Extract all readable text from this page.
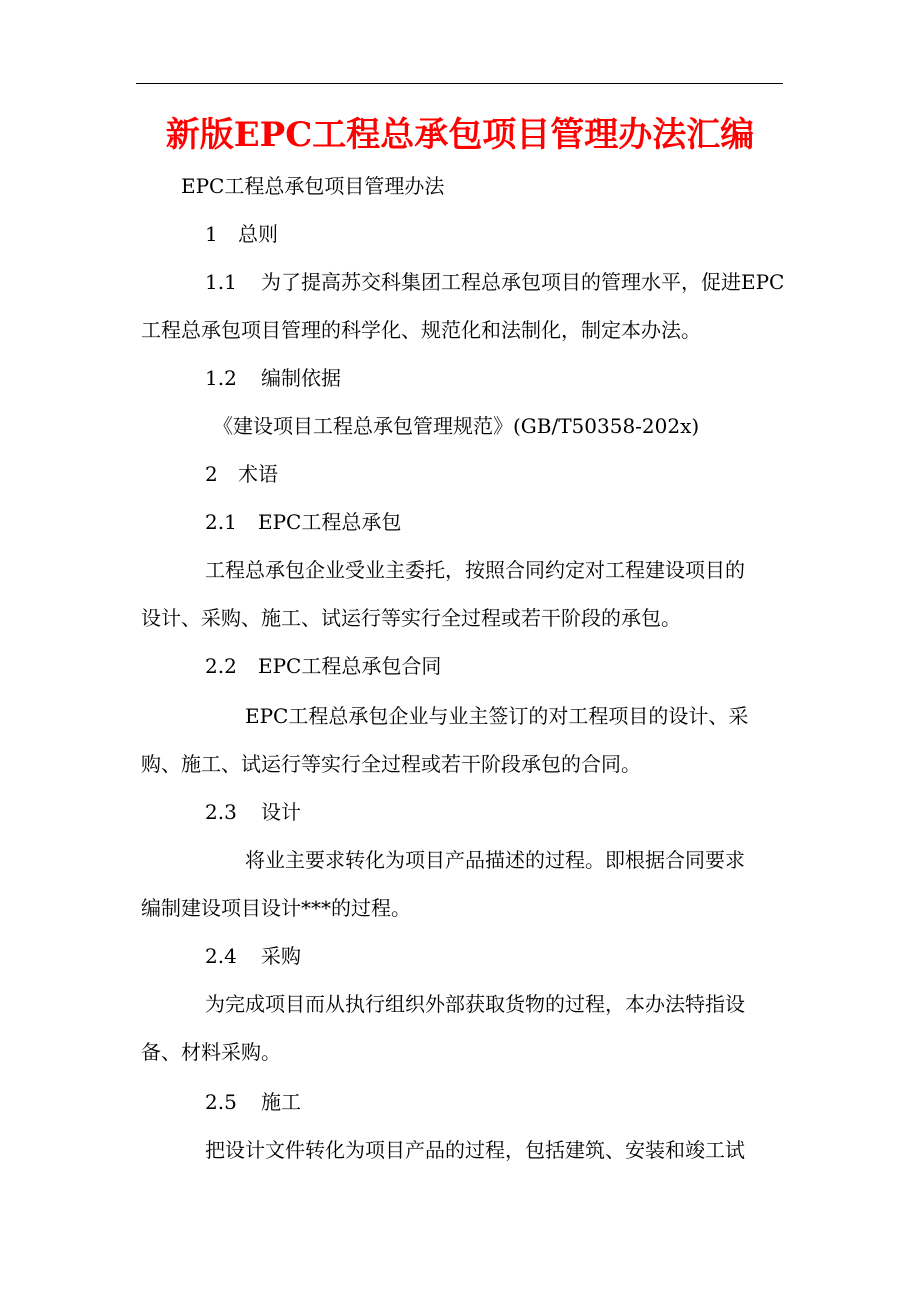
新版EPC工程总承包项目管理办法汇编
EPC工程总承包项目管理办法
1 总则
1.1 为了提高苏交科集团工程总承包项目的管理水平，促进EPC
工程总承包项目管理的科学化、规范化和法制化，制定本办法。
1.2 编制依据
《建设项目工程总承包管理规范》(GB/T50358-202x)
2 术语
2.1 EPC工程总承包
工程总承包企业受业主委托，按照合同约定对工程建设项目的
设计、采购、施工、试运行等实行全过程或若干阶段的承包。
2.2 EPC工程总承包合同
EPC工程总承包企业与业主签订的对工程项目的设计、采
购、施工、试运行等实行全过程或若干阶段承包的合同。
2.3 设计
将业主要求转化为项目产品描述的过程。即根据合同要求
编制建设项目设计***的过程。
2.4 采购
为完成项目而从执行组织外部获取货物的过程，本办法特指设
备、材料采购。
2.5 施工
把设计文件转化为项目产品的过程，包括建筑、安装和竣工试
